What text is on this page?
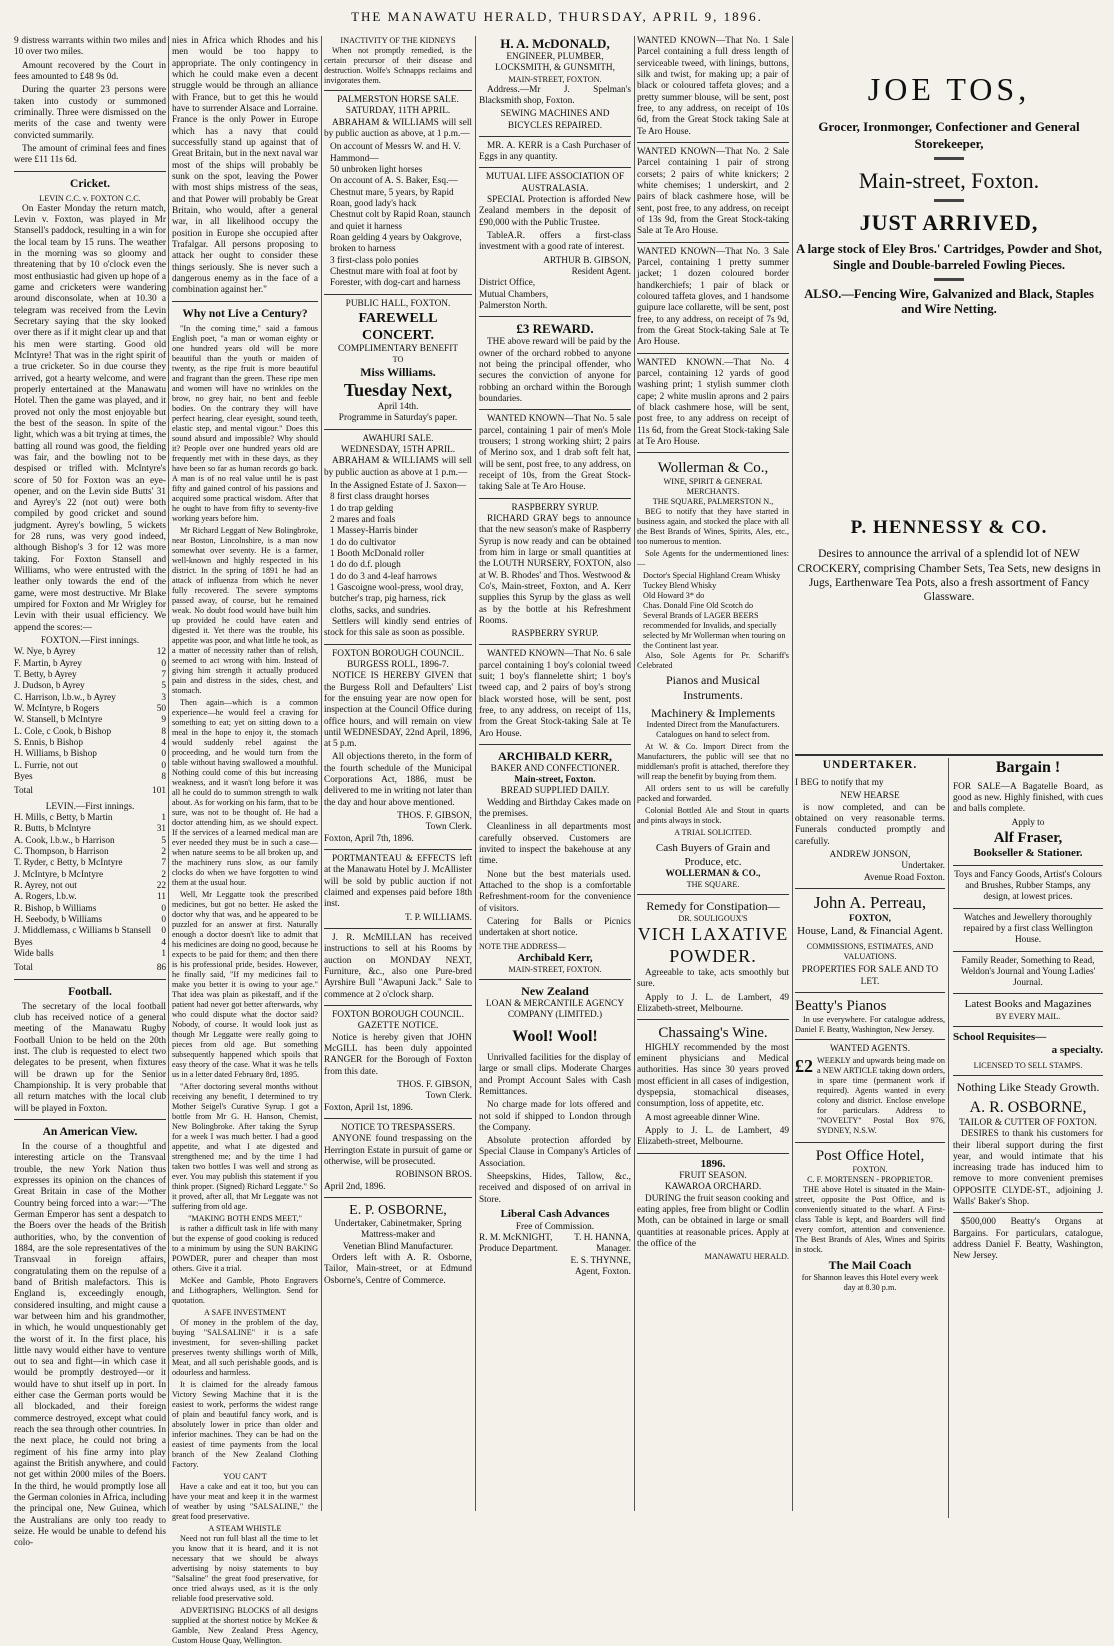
THE MANAWATU HERALD, THURSDAY, APRIL 9, 1896.

9 distress warrants within two miles and 10 over two miles.

Amount recovered by the Court in fees amounted to £48 9s 0d.

During the quarter 23 persons were taken into custody or summoned criminally. Three were dismissed on the merits of the case and twenty were convicted summarily.

The amount of criminal fees and fines were £11 11s 6d.

Cricket.
LEVIN C.C. v. FOXTON C.C.

On Easter Monday the return match, Levin v. Foxton, was played in Mr Stansell's paddock, resulting in a win for the local team by 15 runs. The weather in the morning was so gloomy and threatening that by 10 o'clock even the most enthusiastic had given up hope of a game and cricketers were wandering around disconsolate, when at 10.30 a telegram was received from the Levin Secretary saying that the sky looked over there as if it might clear up and that his men were starting. Good old McIntyre! That was in the right spirit of a true cricketer. So in due course they arrived, got a hearty welcome, and were properly entertained at the Manawatu Hotel. Then the game was played, and it proved not only the most enjoyable but the best of the season. In spite of the light, which was a bit trying at times, the batting all round was good, the fielding was fair, and the bowling not to be despised or trifled with. McIntyre's score of 50 for Foxton was an eye-opener, and on the Levin side Butts' 31 and Ayrey's 22 (not out) were both compiled by good cricket and sound judgment. Ayrey's bowling, 5 wickets for 28 runs, was very good indeed, although Bishop's 3 for 12 was more taking. For Foxton Stansell and Williams, who were entrusted with the leather only towards the end of the game, were most destructive. Mr Blake umpired for Foxton and Mr Wrigley for Levin with their usual efficiency. We append the scores:—

FOXTON.—First innings.
W. Nye, b Ayrey	12
F. Martin, b Ayrey	0
T. Betty, b Ayrey	7
J. Dudson, b Ayrey	5
C. Harrison, l.b.w., b Ayrey	3
W. McIntyre, b Rogers	50
W. Stansell, b McIntyre	9
L. Cole, c Cook, b Bishop	8
S. Ennis, b Bishop	4
H. Williams, b Bishop	0
L. Furrie, not out	0
Byes	8
Total	101
LEVIN.—First innings.
H. Mills, c Betty, b Martin	1
R. Butts, b McIntyre	31
A. Cook, l.b.w., b Harrison	5
C. Thompson, b Harrison	2
T. Ryder, c Betty, b McIntyre	7
J. McIntyre, b McIntyre	2
R. Ayrey, not out	22
A. Rogers, l.b.w.	11
R. Bishop, b Williams	0
H. Seebody, b Williams	0
J. Middlemass, c Williams b Stansell 0
Byes	4
Wide balls	1
Total	86
Football.

The secretary of the local football club has received notice of a general meeting of the Manawatu Rugby Football Union to be held on the 20th inst. The club is requested to elect two delegates to be present, when fixtures will be drawn up for the Senior Championship. It is very probable that all return matches with the local club will be played in Foxton.

An American View.

In the course of a thoughtful and interesting article on the Transvaal trouble, the new York Nation thus expresses its opinion on the chances of Great Britain in case of the Mother Country being forced into a war:—"The German Emperor has sent a despatch to the Boers over the heads of the British authorities, who, by the convention of 1884, are the sole representatives of the Transvaal in foreign affairs, congratulating them on the repulse of a band of British malefactors. This is England is, exceedingly enough, considered insulting, and might cause a war between him and his grandmother, in which, he would unquestionably get the worst of it. In the first place, his little navy would either have to venture out to sea and fight—in which case it would be promptly destroyed—or it would have to shut itself up in port. In either case the German ports would be all blockaded, and their foreign commerce destroyed, except what could reach the sea through other countries. In the next place, he could not bring a regiment of his fine army into play against the British anywhere, and could not get within 2000 miles of the Boers. In the third, he would promptly lose all the German colonies in Africa, including the principal one, New Guinea, which the Australians are only too ready to seize. He would be unable to defend his colo-

nies in Africa which Rhodes and his men would be too happy to appropriate. The only contingency in which he could make even a decent struggle would be through an alliance with France, but to get this he would have to surrender Alsace and Lorraine. France is the only Power in Europe which has a navy that could successfully stand up against that of Great Britain, but in the next naval war most of the ships will probably be sunk on the spot, leaving the Power with most ships mistress of the seas, and that Power will probably be Great Britain, who would, after a general war, in all likelihood occupy the position in Europe she occupied after Trafalgar. All persons proposing to attack her ought to consider these things seriously. She is never such a dangerous enemy as in the face of a combination against her."

Why not Live a Century?

"In the coming time," said a famous English poet, "a man or woman eighty or one hundred years old will be more beautiful than the youth or maiden of twenty, as the ripe fruit is more beautiful and fragrant than the green. These ripe men and women will have no wrinkles on the brow, no grey hair, no bent and feeble bodies. On the contrary they will have perfect hearing, clear eyesight, sound teeth, elastic step, and mental vigour." Does this sound absurd and impossible? Why should it? People over one hundred years old are frequently met with in these days, as they have been so far as human records go back. A man is of no real value until he is past fifty and gained control of his passions and acquired some practical wisdom. After that he ought to have from fifty to seventy-five working years before him.

Mr Richard Leggatt of New Bolingbroke, near Boston, Lincolnshire, is a man now somewhat over seventy. He is a farmer, well-known and highly respected in his district. In the spring of 1891 he had an attack of influenza from which he never fully recovered. The severe symptoms passed away, of course, but he remained weak. No doubt food would have built him up provided he could have eaten and digested it. Yet there was the trouble, his appetite was poor, and what little he took, as a matter of necessity rather than of relish, seemed to act wrong with him. Instead of giving him strength it actually produced pain and distress in the sides, chest, and stomach.

Then again—which is a common experience—he would feel a craving for something to eat; yet on sitting down to a meal in the hope to enjoy it, the stomach would suddenly rebel against the proceeding, and he would turn from the table without having swallowed a mouthful. Nothing could come of this but increasing weakness, and it wasn't long before it was all he could do to summon strength to walk about. As for working on his farm, that to be sure, was not to be thought of. He had a doctor attending him, as we should expect. If the services of a learned medical man are ever needed they must be in such a case—when nature seems to be all broken up, and the machinery runs slow, as our family clocks do when we have forgotten to wind them at the usual hour.

Well, Mr Leggatte took the prescribed medicines, but got no better. He asked the doctor why that was, and he appeared to be puzzled for an answer at first. Naturally enough a doctor doesn't like to admit that his medicines are doing no good, because he expects to be paid for them; and then there is his professional pride, besides. However, he finally said, "If my medicines fail to make you better it is owing to your age." That idea was plain as pikestaff, and if the patient had never got better afterwards, why who could dispute what the doctor said? Nobody, of course. It would look just as though Mr Leggatte were really going to pieces from old age. But something subsequently happened which spoils that easy theory of the case. What it was he tells us in a letter dated February 8rd, 1895.

"After doctoring several months without receiving any benefit, I determined to try Mother Seigel's Curative Syrup. I got a bottle from Mr G. H. Hanson, Chemist, New Bolingbroke. After taking the Syrup for a week I was much better. I had a good appetite, and what I ate digested and strengthened me; and by the time I had taken two bottles I was well and strong as ever. You may publish this statement if you think proper. (Signed) Richard Leggate." So it proved, after all, that Mr Leggate was not suffering from old age.

"MAKING BOTH ENDS MEET,"

is rather a difficult task in life with many but the expense of good cooking is reduced to a minimum by using the SUN BAKING POWDER, purer and cheaper than most others. Give it a trial.

McKee and Gamble, Photo Engravers and Lithographers, Wellington. Send for quotation.

A SAFE INVESTMENT

Of money in the problem of the day, buying "SALSALINE" it is a safe investment, for seven-shilling packet preserves twenty shillings worth of Milk, Meat, and all such perishable goods, and is odourless and harmless.

It is claimed for the already famous Victory Sewing Machine that it is the easiest to work, performs the widest range of plain and beautiful fancy work, and is absolutely lower in price than older and inferior machines. They can be had on the easiest of time payments from the local branch of the New Zealand Clothing Factory.

YOU CAN'T

Have a cake and eat it too, but you can have your meat and keep it in the warmest of weather by using "SALSALINE," the great food preservative.

A STEAM WHISTLE

Need not run full blast all the time to let you know that it is heard, and it is not necessary that we should be always advertising by noisy statements to buy "Salsaline" the great food preservative, for once tried always used, as it is the only reliable food preservative sold.

ADVERTISING BLOCKS of all designs supplied at the shortest notice by McKee & Gamble, New Zealand Press Agency, Custom House Quay, Wellington.

INACTIVITY OF THE KIDNEYS

When not promptly remedied, is the certain precursor of their disease and destruction. Wolfe's Schnapps reclaims and invigorates them.

PALMERSTON HORSE SALE.
SATURDAY, 11TH APRIL.

ABRAHAM & WILLIAMS will sell by public auction as above, at 1 p.m.—

On account of Messrs W. and H. V. Hammond—
50 unbroken light horses
On account of A. S. Baker, Esq.—
Chestnut mare, 5 years, by Rapid Roan, good lady's hack
Chestnut colt by Rapid Roan, staunch and quiet it harness
Roan gelding 4 years by Oakgrove, broken to harness
3 first-class polo ponies
Chestnut mare with foal at foot by Forester, with dog-cart and harness
PUBLIC HALL, FOXTON.
FAREWELL CONCERT.
COMPLIMENTARY BENEFIT
TO
Miss Williams.
Tuesday Next,
April 14th.
Programme in Saturday's paper.
AWAHURI SALE.
WEDNESDAY, 15TH APRIL.

ABRAHAM & WILLIAMS will sell by public auction as above at 1 p.m.—

In the Assigned Estate of J. Saxon—
8 first class draught horses
1 do trap gelding
2 mares and foals
1 Massey-Harris binder
1 do do cultivator
1 Booth McDonald roller
1 do do d.f. plough
1 do do 3 and 4-leaf harrows
1 Gascoigne wool-press, wool dray, butcher's trap, pig harness, rick cloths, sacks, and sundries.

Settlers will kindly send entries of stock for this sale as soon as possible.

FOXTON BOROUGH COUNCIL.
BURGESS ROLL, 1896-7.

NOTICE IS HEREBY GIVEN that the Burgess Roll and Defaulters' List for the ensuing year are now open for inspection at the Council Office during office hours, and will remain on view until WEDNESDAY, 22nd April, 1896, at 5 p.m.

All objections thereto, in the form of the fourth schedule of the Municipal Corporations Act, 1886, must be delivered to me in writing not later than the day and hour above mentioned.

THOS. F. GIBSON,
Town Clerk.
Foxton, April 7th, 1896.

PORTMANTEAU & EFFECTS left at the Manawatu Hotel by J. McAllister will be sold by public auction if not claimed and expenses paid before 18th inst.

T. P. WILLIAMS.

J. R. McMILLAN has received instructions to sell at his Rooms by auction on MONDAY NEXT, Furniture, &c., also one Pure-bred Ayrshire Bull "Awapuni Jack." Sale to commence at 2 o'clock sharp.

FOXTON BOROUGH COUNCIL.
GAZETTE NOTICE.

Notice is hereby given that JOHN McGILL has been duly appointed RANGER for the Borough of Foxton from this date.

THOS. F. GIBSON,
Town Clerk.
Foxton, April 1st, 1896.
NOTICE TO TRESPASSERS.

ANYONE found trespassing on the Herrington Estate in pursuit of game or otherwise, will be prosecuted.

ROBINSON BROS.
April 2nd, 1896.
E. P. OSBORNE,
Undertaker, Cabinetmaker, Spring
Mattress-maker and
Venetian Blind Manufacturer.

Orders left with A. R. Osborne, Tailor, Main-street, or at Edmund Osborne's, Centre of Commerce.

H. A. McDONALD,
ENGINEER, PLUMBER, LOCKSMITH, & GUNSMITH,
MAIN-STREET, FOXTON.

Address.—Mr J. Spelman's Blacksmith shop, Foxton.

SEWING MACHINES AND BICYCLES REPAIRED.

MR. A. KERR is a Cash Purchaser of Eggs in any quantity.

MUTUAL LIFE ASSOCIATION OF AUSTRALASIA.

SPECIAL Protection is afforded New Zealand members in the deposit of £90,000 with the Public Trustee.

TableA.R. offers a first-class investment with a good rate of interest.

ARTHUR B. GIBSON,
Resident Agent.
District Office,
Mutual Chambers,
Palmerston North.
£3 REWARD.

THE above reward will be paid by the owner of the orchard robbed to anyone not being the principal offender, who secures the conviction of anyone for robbing an orchard within the Borough boundaries.

WANTED KNOWN—That No. 5 sale parcel, containing 1 pair of men's Mole trousers; 1 strong working shirt; 2 pairs of Merino sox, and 1 drab soft felt hat, will be sent, post free, to any address, on receipt of 10s, from the Great Stock-taking Sale at Te Aro House.

RASPBERRY SYRUP.

RICHARD GRAY begs to announce that the new season's make of Raspberry Syrup is now ready and can be obtained from him in large or small quantities at the LOUTH NURSERY, FOXTON, also at W. B. Rhodes' and Thos. Westwood & Co's, Main-street, Foxton, and A. Kerr supplies this Syrup by the glass as well as by the bottle at his Refreshment Rooms.

RASPBERRY SYRUP.

WANTED KNOWN—That No. 6 sale parcel containing 1 boy's colonial tweed suit; 1 boy's flannelette shirt; 1 boy's tweed cap, and 2 pairs of boy's strong black worsted hose, will be sent, post free, to any address, on receipt of 11s, from the Great Stock-taking Sale at Te Aro House.

ARCHIBALD KERR,
BAKER AND CONFECTIONER.
Main-street, Foxton.
BREAD SUPPLIED DAILY.

Wedding and Birthday Cakes made on the premises.

Cleanliness in all departments most carefully observed. Customers are invited to inspect the bakehouse at any time.

None but the best materials used. Attached to the shop is a comfortable Refreshment-room for the convenience of visitors.

Catering for Balls or Picnics undertaken at short notice.

NOTE THE ADDRESS—
Archibald Kerr,
MAIN-STREET, FOXTON.
New Zealand
LOAN & MERCANTILE AGENCY COMPANY (LIMITED.)
Wool! Wool!

Unrivalled facilities for the display of large or small clips. Moderate Charges and Prompt Account Sales with Cash Remittances.

No charge made for lots offered and not sold if shipped to London through the Company.

Absolute protection afforded by Special Clause in Company's Articles of Association.

Sheepskins, Hides, Tallow, &c., received and disposed of on arrival in Store.

Liberal Cash Advances
Free of Commission.
R. M. McKNIGHT, T. H. HANNA,
Produce Department.	Manager.
E. S. THYNNE,
Agent, Foxton.

WANTED KNOWN—That No. 1 Sale Parcel containing a full dress length of serviceable tweed, with linings, buttons, silk and twist, for making up; a pair of black or coloured taffeta gloves; and a pretty summer blouse, will be sent, post free, to any address, on receipt of 10s 6d, from the Great Stock taking Sale at Te Aro House.

WANTED KNOWN—That No. 2 Sale Parcel containing 1 pair of strong corsets; 2 pairs of white knickers; 2 white chemises; 1 underskirt, and 2 pairs of black cashmere hose, will be sent, post free, to any address, on receipt of 13s 9d, from the Great Stock-taking Sale at Te Aro House.

WANTED KNOWN—That No. 3 Sale Parcel, containing 1 pretty summer jacket; 1 dozen coloured border handkerchiefs; 1 pair of black or coloured taffeta gloves, and 1 handsome guipure lace collarette, will be sent, post free, to any address, on receipt of 7s 9d, from the Great Stock-taking Sale at Te Aro House.

WANTED KNOWN.—That No. 4 parcel, containing 12 yards of good washing print; 1 stylish summer cloth cape; 2 white muslin aprons and 2 pairs of black cashmere hose, will be sent, post free, to any address on receipt of 11s 6d, from the Great Stock-taking Sale at Te Aro House.

Wollerman & Co.,
WINE, SPIRIT & GENERAL MERCHANTS.
THE SQUARE, PALMERSTON N.,

BEG to notify that they have started in business again, and stocked the place with all the Best Brands of Wines, Spirits, Ales, etc., too numerous to mention.

Sole Agents for the undermentioned lines:—

Doctor's Special Highland Cream Whisky
Tuckey Blend Whisky
Old Howard 3* do
Chas. Donald Fine Old Scotch do
Several Brands of LAGER BEERS recommended for Invalids, and specially selected by Mr Wollerman when touring on the Continent last year.

Also, Sole Agents for Pr. Schariff's Celebrated

Pianos and Musical Instruments.
Machinery & Implements

Indented Direct from the Manufacturers. Catalogues on hand to select from.

At W. & Co. Import Direct from the Manufacturers, the public will see that no middleman's profit is attached, therefore they will reap the benefit by buying from them.

All orders sent to us will be carefully packed and forwarded.

Colonial Bottled Ale and Stout in quarts and pints always in stock.

A TRIAL SOLICITED.
Cash Buyers of Grain and Produce, etc.
WOLLERMAN & CO.,
THE SQUARE.
Remedy for Constipation—
DR. SOULIGOUX'S
VICH LAXATIVE
POWDER.

Agreeable to take, acts smoothly but sure.

Apply to J. L. de Lambert, 49 Elizabeth-street, Melbourne.

Chassaing's Wine.

HIGHLY recommended by the most eminent physicians and Medical authorities. Has since 30 years proved most efficient in all cases of indigestion, dyspepsia, stomachical diseases, consumption, loss of appetite, etc.

A most agreeable dinner Wine.

Apply to J. L. de Lambert, 49 Elizabeth-street, Melbourne.

1896.
FRUIT SEASON.
KAWAROA ORCHARD.

DURING the fruit season cooking and eating apples, free from blight or Codlin Moth, can be obtained in large or small quantities at reasonable prices. Apply at the office of the

MANAWATU HERALD.
JOE TOS,
Grocer, Ironmonger, Confectioner and General Storekeeper,
Main-street, Foxton.
JUST ARRIVED,
A large stock of Eley Bros.' Cartridges, Powder and Shot, Single and Double-barreled Fowling Pieces.
ALSO.—Fencing Wire, Galvanized and Black, Staples and Wire Netting.
P. HENNESSY & CO.
Desires to announce the arrival of a splendid lot of NEW CROCKERY, comprising Chamber Sets, Tea Sets, new designs in Jugs, Earthenware Tea Pots, also a fresh assortment of Fancy Glassware.
UNDERTAKER.

I BEG to notify that my

NEW HEARSE

is now completed, and can be obtained on very reasonable terms. Funerals conducted promptly and carefully.

ANDREW JONSON,
Undertaker.
Avenue Road Foxton.
John A. Perreau,
FOXTON,
House, Land, & Financial Agent.
COMMISSIONS, ESTIMATES, AND VALUATIONS.
PROPERTIES FOR SALE AND TO LET.
Beatty's Pianos

In use everywhere. For catalogue address, Daniel F. Beatty, Washington, New Jersey.

WANTED AGENTS.
£2 WEEKLY and upwards being made on a NEW ARTICLE taking down orders, in spare time (permanent work if required). Agents wanted in every colony and district. Enclose envelope for particulars. Address to "NOVELTY" Postal Box 976, SYDNEY, N.S.W.

Post Office Hotel,
FOXTON.
C. F. MORTENSEN - PROPRIETOR.

THE above Hotel is situated in the Main-street, opposite the Post Office, and is conveniently situated to the wharf. A First-class Table is kept, and Boarders will find every comfort, attention and convenience. The Best Brands of Ales, Wines and Spirits in stock.

The Mail Coach

for Shannon leaves this Hotel every week day at 8.30 p.m.

Bargain !

FOR SALE—A Bagatelle Board, as good as new. Highly finished, with cues and balls complete.

Apply to
Alf Fraser,
Bookseller & Stationer.

Toys and Fancy Goods, Artist's Colours and Brushes, Rubber Stamps, any design, at lowest prices.

Watches and Jewellery thoroughly repaired by a first class Wellington House.

Family Reader, Something to Read, Weldon's Journal and Young Ladies' Journal.

Latest Books and Magazines
BY EVERY MAIL.
School Requisites—
a specialty.
LICENSED TO SELL STAMPS.
Nothing Like Steady Growth.
A. R. OSBORNE,
TAILOR & CUTTER OF FOXTON.

DESIRES to thank his customers for their liberal support during the first year, and would intimate that his increasing trade has induced him to remove to more convenient premises OPPOSITE CLYDE-ST., adjoining J. Walls' Baker's Shop.

$500,000 Beatty's Organs at Bargains. For particulars, catalogue, address Daniel F. Beatty, Washington, New Jersey.
